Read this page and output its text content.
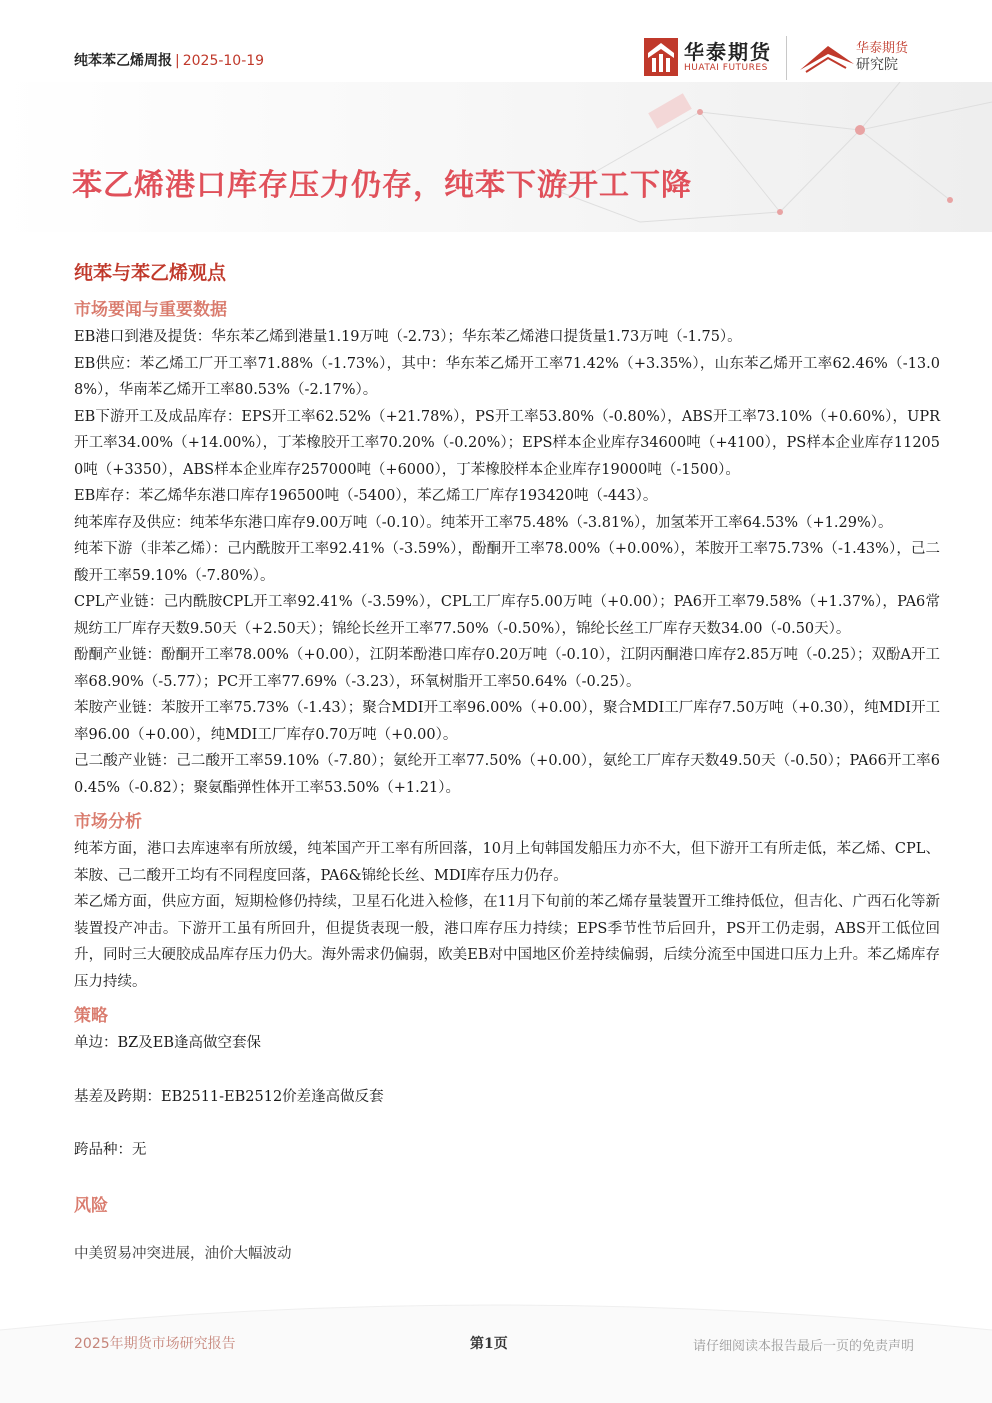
纯苯苯乙烯周报 | 2025-10-19	华泰期货
HUATAI FUTURES
华泰期货
研究院
苯乙烯港口库存压力仍存，纯苯下游开工下降
纯苯与苯乙烯观点
市场要闻与重要数据

EB港口到港及提货：华东苯乙烯到港量1.19万吨（-2.73）；华东苯乙烯港口提货量1.73万吨（-1.75）。

EB供应：苯乙烯工厂开工率71.88%（-1.73%），其中：华东苯乙烯开工率71.42%（+3.35%），山东苯乙烯开工率62.46%（-13.08%），华南苯乙烯开工率80.53%（-2.17%）。

EB下游开工及成品库存：EPS开工率62.52%（+21.78%），PS开工率53.80%（-0.80%），ABS开工率73.10%（+0.60%），UPR开工率34.00%（+14.00%），丁苯橡胶开工率70.20%（-0.20%）；EPS样本企业库存34600吨（+4100），PS样本企业库存112050吨（+3350），ABS样本企业库存257000吨（+6000），丁苯橡胶样本企业库存19000吨（-1500）。

EB库存：苯乙烯华东港口库存196500吨（-5400），苯乙烯工厂库存193420吨（-443）。

纯苯库存及供应：纯苯华东港口库存9.00万吨（-0.10）。纯苯开工率75.48%（-3.81%），加氢苯开工率64.53%（+1.29%）。

纯苯下游（非苯乙烯）：己内酰胺开工率92.41%（-3.59%），酚酮开工率78.00%（+0.00%），苯胺开工率75.73%（-1.43%），己二酸开工率59.10%（-7.80%）。

CPL产业链：己内酰胺CPL开工率92.41%（-3.59%），CPL工厂库存5.00万吨（+0.00）；PA6开工率79.58%（+1.37%），PA6常规纺工厂库存天数9.50天（+2.50天）；锦纶长丝开工率77.50%（-0.50%），锦纶长丝工厂库存天数34.00（-0.50天）。

酚酮产业链：酚酮开工率78.00%（+0.00），江阴苯酚港口库存0.20万吨（-0.10），江阴丙酮港口库存2.85万吨（-0.25）；双酚A开工率68.90%（-5.77）；PC开工率77.69%（-3.23），环氧树脂开工率50.64%（-0.25）。

苯胺产业链：苯胺开工率75.73%（-1.43）；聚合MDI开工率96.00%（+0.00），聚合MDI工厂库存7.50万吨（+0.30），纯MDI开工率96.00（+0.00），纯MDI工厂库存0.70万吨（+0.00）。

己二酸产业链：己二酸开工率59.10%（-7.80）；氨纶开工率77.50%（+0.00），氨纶工厂库存天数49.50天（-0.50）；PA66开工率60.45%（-0.82）；聚氨酯弹性体开工率53.50%（+1.21）。

市场分析

纯苯方面，港口去库速率有所放缓，纯苯国产开工率有所回落，10月上旬韩国发船压力亦不大，但下游开工有所走低，苯乙烯、CPL、苯胺、己二酸开工均有不同程度回落，PA6&锦纶长丝、MDI库存压力仍存。

苯乙烯方面，供应方面，短期检修仍持续，卫星石化进入检修，在11月下旬前的苯乙烯存量装置开工维持低位，但吉化、广西石化等新装置投产冲击。下游开工虽有所回升，但提货表现一般，港口库存压力持续；EPS季节性节后回升，PS开工仍走弱，ABS开工低位回升，同时三大硬胶成品库存压力仍大。海外需求仍偏弱，欧美EB对中国地区价差持续偏弱，后续分流至中国进口压力上升。苯乙烯库存压力持续。

策略

单边：BZ及EB逢高做空套保

基差及跨期：EB2511-EB2512价差逢高做反套

跨品种：无

风险
中美贸易冲突进展，油价大幅波动
2025年期货市场研究报告	第1页	请仔细阅读本报告最后一页的免责声明
